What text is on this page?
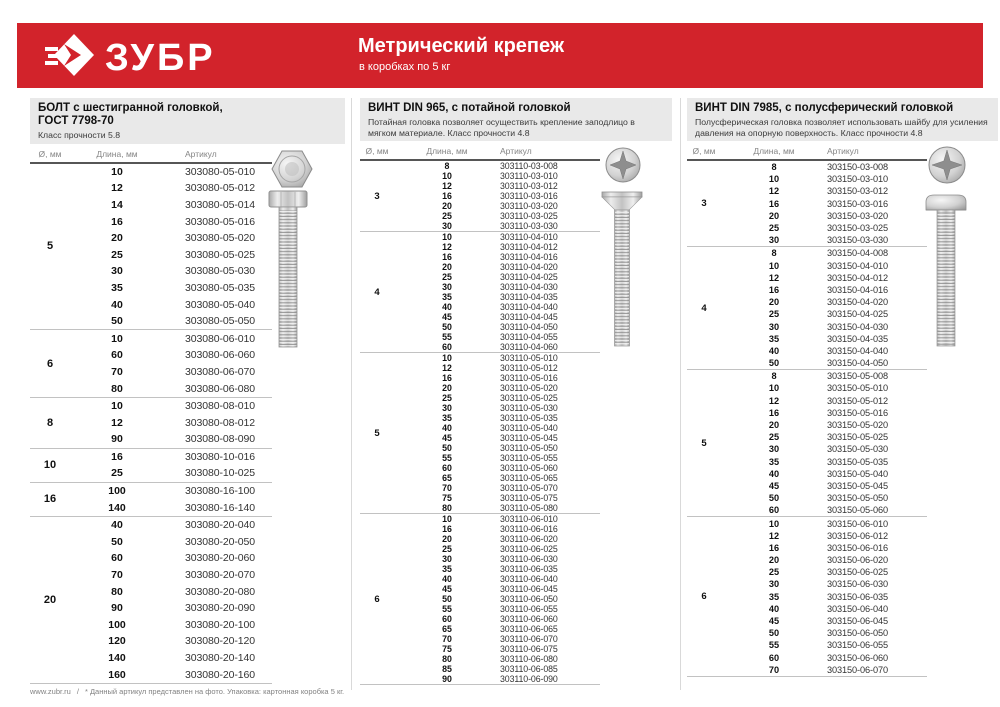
ЗУБР	Метрический крепеж
в коробках по 5 кг
БОЛТ с шестигранной головкой,
ГОСТ 7798-70
Класс прочности 5.8
Ø, мм	Длина, мм	Артикул
5
10	303080-05-010
12	303080-05-012
14	303080-05-014
16	303080-05-016
20	303080-05-020
25	303080-05-025
30	303080-05-030
35	303080-05-035
40	303080-05-040
50	303080-05-050
6
10	303080-06-010
60	303080-06-060
70	303080-06-070
80	303080-06-080
8
10	303080-08-010
12	303080-08-012
90	303080-08-090
10
16	303080-10-016
25	303080-10-025
16
100	303080-16-100
140	303080-16-140
20
40	303080-20-040
50	303080-20-050
60	303080-20-060
70	303080-20-070
80	303080-20-080
90	303080-20-090
100	303080-20-100
120	303080-20-120
140	303080-20-140
160	303080-20-160
ВИНТ DIN 965, с потайной головкой
Потайная головка позволяет осуществить крепление заподлицо в мягком материале. Класс прочности 4.8
Ø, мм	Длина, мм	Артикул
3
8	303110-03-008
10	303110-03-010
12	303110-03-012
16	303110-03-016
20	303110-03-020
25	303110-03-025
30	303110-03-030
4
10	303110-04-010
12	303110-04-012
16	303110-04-016
20	303110-04-020
25	303110-04-025
30	303110-04-030
35	303110-04-035
40	303110-04-040
45	303110-04-045
50	303110-04-050
55	303110-04-055
60	303110-04-060
5
10	303110-05-010
12	303110-05-012
16	303110-05-016
20	303110-05-020
25	303110-05-025
30	303110-05-030
35	303110-05-035
40	303110-05-040
45	303110-05-045
50	303110-05-050
55	303110-05-055
60	303110-05-060
65	303110-05-065
70	303110-05-070
75	303110-05-075
80	303110-05-080
6
10	303110-06-010
16	303110-06-016
20	303110-06-020
25	303110-06-025
30	303110-06-030
35	303110-06-035
40	303110-06-040
45	303110-06-045
50	303110-06-050
55	303110-06-055
60	303110-06-060
65	303110-06-065
70	303110-06-070
75	303110-06-075
80	303110-06-080
85	303110-06-085
90	303110-06-090
ВИНТ DIN 7985, с полусферический головкой
Полусферическая головка позволяет использовать шайбу для усиления давления на опорную поверхность. Класс прочности 4.8
Ø, мм	Длина, мм	Артикул
3
8	303150-03-008
10	303150-03-010
12	303150-03-012
16	303150-03-016
20	303150-03-020
25	303150-03-025
30	303150-03-030
4
8	303150-04-008
10	303150-04-010
12	303150-04-012
16	303150-04-016
20	303150-04-020
25	303150-04-025
30	303150-04-030
35	303150-04-035
40	303150-04-040
50	303150-04-050
5
8	303150-05-008
10	303150-05-010
12	303150-05-012
16	303150-05-016
20	303150-05-020
25	303150-05-025
30	303150-05-030
35	303150-05-035
40	303150-05-040
45	303150-05-045
50	303150-05-050
60	303150-05-060
6
10	303150-06-010
12	303150-06-012
16	303150-06-016
20	303150-06-020
25	303150-06-025
30	303150-06-030
35	303150-06-035
40	303150-06-040
45	303150-06-045
50	303150-06-050
55	303150-06-055
60	303150-06-060
70	303150-06-070
www.zubr.ru / * Данный артикул представлен на фото. Упаковка: картонная коробка 5 кг.
